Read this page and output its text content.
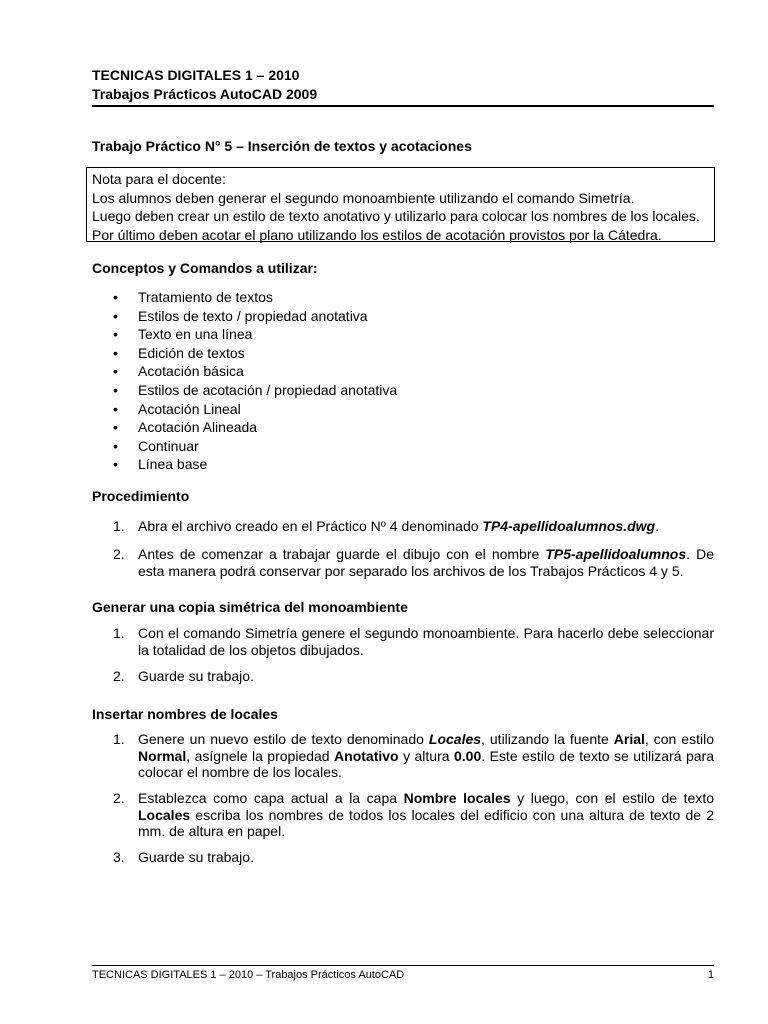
TECNICAS DIGITALES 1 – 2010
Trabajos Prácticos AutoCAD 2009
Trabajo Práctico N° 5 – Inserción de textos y acotaciones
Nota para el docente:
Los alumnos deben generar el segundo monoambiente utilizando el comando Simetría.
Luego deben crear un estilo de texto anotativo y utilizarlo para colocar los nombres de los locales.
Por último deben acotar el plano utilizando los estilos de acotación provistos por la Cátedra.
Conceptos y Comandos a utilizar:
• Tratamiento de textos
• Estilos de texto / propiedad anotativa
• Texto en una línea
• Edición de textos
• Acotación básica
• Estilos de acotación / propiedad anotativa
• Acotación Lineal
• Acotación Alineada
• Continuar
• Línea base
Procedimiento
1. Abra el archivo creado en el Práctico Nº 4 denominado TP4-apellidoalumnos.dwg.
2. Antes de comenzar a trabajar guarde el dibujo con el nombre TP5-apellidoalumnos. De esta manera podrá conservar por separado los archivos de los Trabajos Prácticos 4 y 5.
Generar una copia simétrica del monoambiente
1. Con el comando Simetría genere el segundo monoambiente. Para hacerlo debe seleccionar la totalidad de los objetos dibujados.
2. Guarde su trabajo.
Insertar nombres de locales
1. Genere un nuevo estilo de texto denominado Locales, utilizando la fuente Arial, con estilo Normal, asígnele la propiedad Anotativo y altura 0.00. Este estilo de texto se utilizará para colocar el nombre de los locales.
2. Establezca como capa actual a la capa Nombre locales y luego, con el estilo de texto Locales escriba los nombres de todos los locales del edificio con una altura de texto de 2 mm. de altura en papel.
3. Guarde su trabajo.
TECNICAS DIGITALES 1 – 2010 – Trabajos Prácticos AutoCAD	1
